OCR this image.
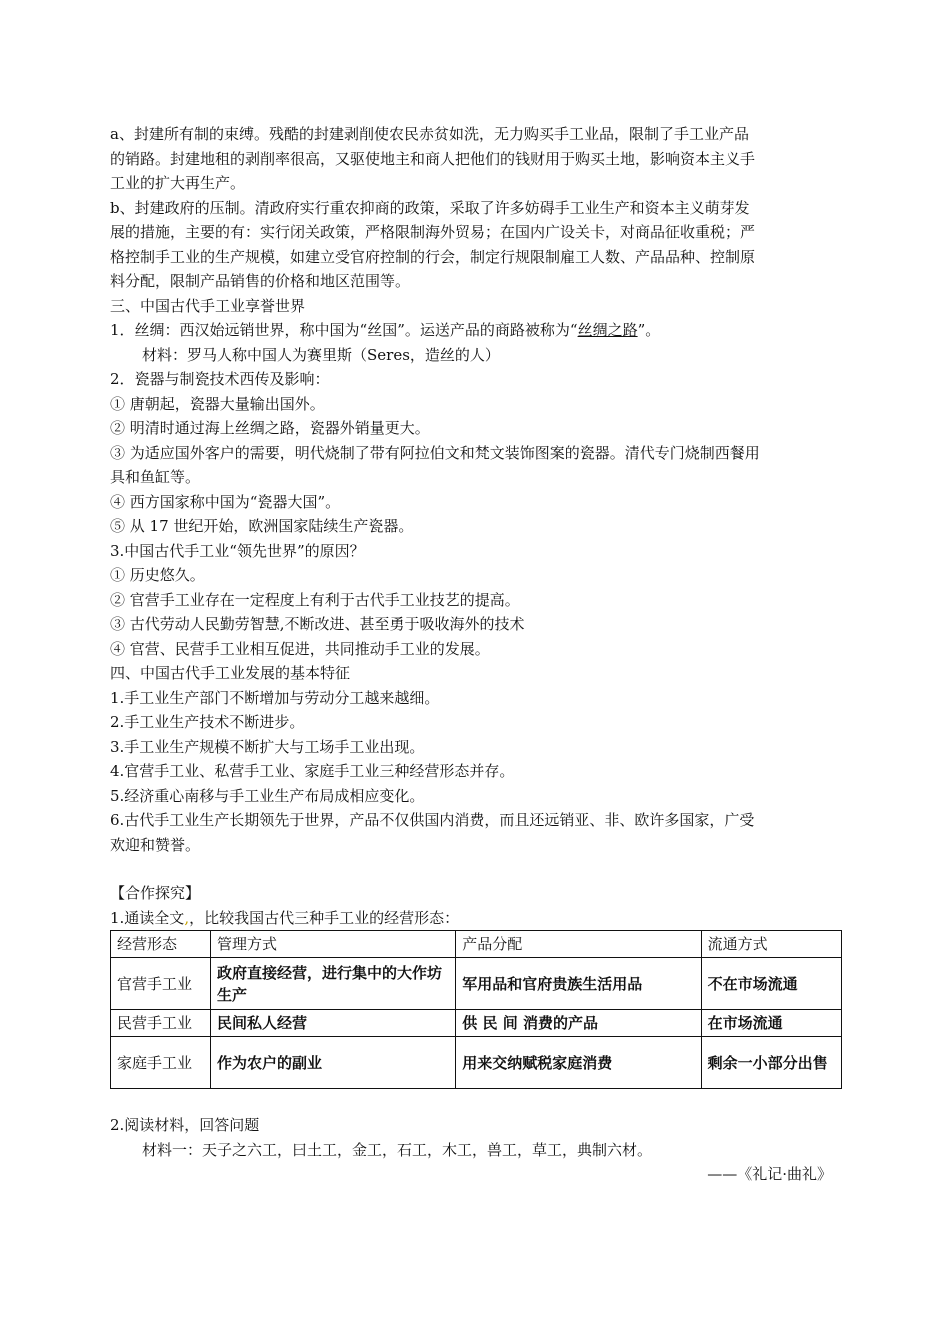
a、封建所有制的束缚。残酷的封建剥削使农民赤贫如洗，无力购买手工业品，限制了手工业产品

的销路。封建地租的剥削率很高，又驱使地主和商人把他们的钱财用于购买土地，影响资本主义手

工业的扩大再生产。

b、封建政府的压制。清政府实行重农抑商的政策，采取了许多妨碍手工业生产和资本主义萌芽发

展的措施，主要的有：实行闭关政策，严格限制海外贸易；在国内广设关卡，对商品征收重税；严

格控制手工业的生产规模，如建立受官府控制的行会，制定行规限制雇工人数、产品品种、控制原

料分配，限制产品销售的价格和地区范围等。

三、中国古代手工业享誉世界

1．丝绸：西汉始远销世界，称中国为“丝国”。运送产品的商路被称为“丝绸之路”。

材料：罗马人称中国人为赛里斯（Seres，造丝的人）

2．瓷器与制瓷技术西传及影响：

① 唐朝起，瓷器大量输出国外。

② 明清时通过海上丝绸之路，瓷器外销量更大。

③ 为适应国外客户的需要，明代烧制了带有阿拉伯文和梵文装饰图案的瓷器。清代专门烧制西餐用

具和鱼缸等。

④ 西方国家称中国为“瓷器大国”。

⑤ 从 17 世纪开始，欧洲国家陆续生产瓷器。

3.中国古代手工业“领先世界”的原因？

① 历史悠久。

② 官营手工业存在一定程度上有利于古代手工业技艺的提高。

③ 古代劳动人民勤劳智慧,不断改进、甚至勇于吸收海外的技术

④ 官营、民营手工业相互促进，共同推动手工业的发展。

四、中国古代手工业发展的基本特征

1.手工业生产部门不断增加与劳动分工越来越细。

2.手工业生产技术不断进步。

3.手工业生产规模不断扩大与工场手工业出现。

4.官营手工业、私营手工业、家庭手工业三种经营形态并存。

5.经济重心南移与手工业生产布局成相应变化。

6.古代手工业生产长期领先于世界，产品不仅供国内消费，而且还远销亚、非、欧许多国家，广受

欢迎和赞誉。

【合作探究】

1.通读全文,，比较我国古代三种手工业的经营形态：

经营形态	管理方式	产品分配	流通方式
官营手工业	政府直接经营，进行集中的大作坊生产	军用品和官府贵族生活用品	不在市场流通
民营手工业	民间私人经营	供 民 间 消费的产品	在市场流通
家庭手工业	作为农户的副业	用来交纳赋税家庭消费	剩余一小部分出售

2.阅读材料，回答问题

材料一：天子之六工，曰土工，金工，石工，木工，兽工，草工，典制六材。

——《礼记·曲礼》
